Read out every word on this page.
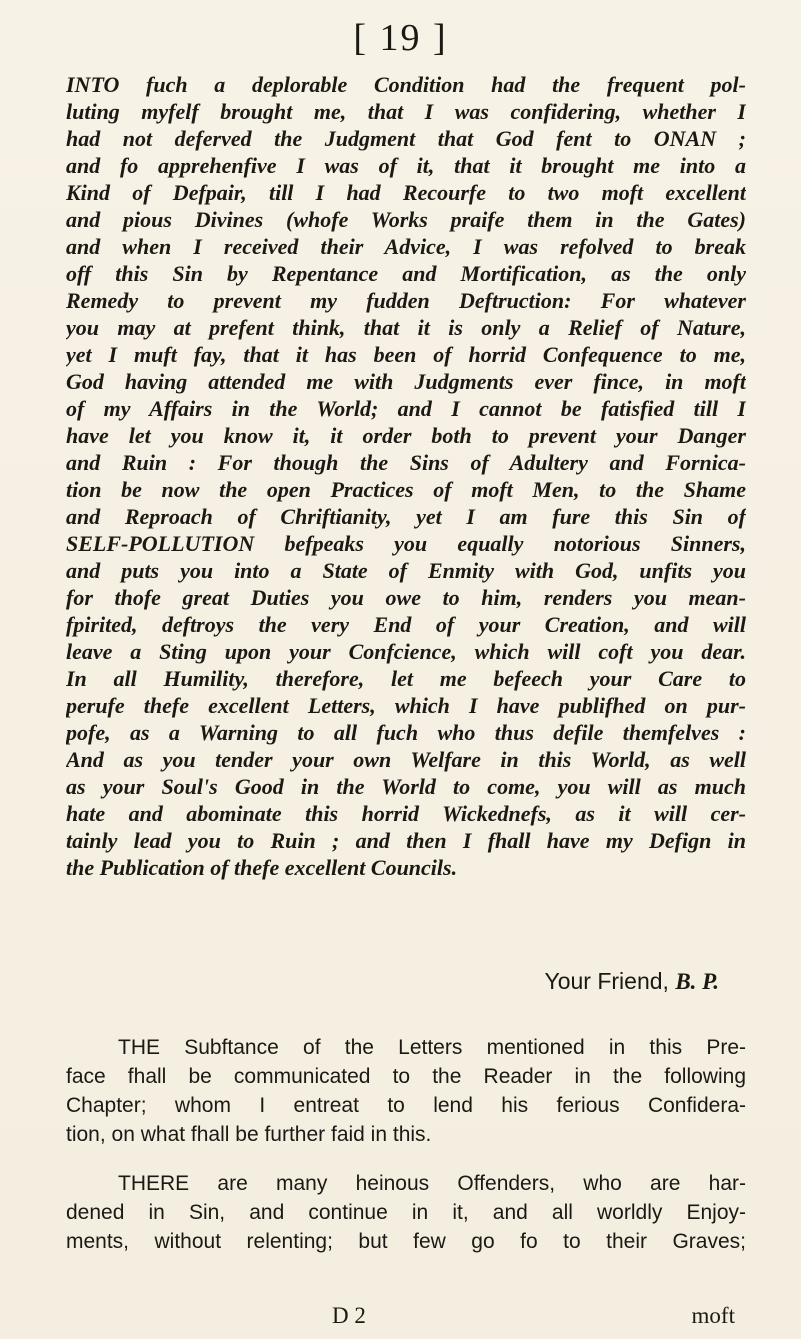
[ 19 ]
INTO fuch a deplorable Condition had the frequent pol-
luting myfelf brought me, that I was confidering, whether I
had not deferved the Judgment that God fent to ONAN ;
and fo apprehenfive I was of it, that it brought me into a
Kind of Defpair, till I had Recourfe to two moft excellent
and pious Divines (whofe Works praife them in the Gates)
and when I received their Advice, I was refolved to break
off this Sin by Repentance and Mortification, as the only
Remedy to prevent my fudden Deftruction: For whatever
you may at prefent think, that it is only a Relief of Nature,
yet I muft fay, that it has been of horrid Confequence to me,
God having attended me with Judgments ever fince, in moft
of my Affairs in the World; and I cannot be fatisfied till I
have let you know it, it order both to prevent your Danger
and Ruin : For though the Sins of Adultery and Fornica-
tion be now the open Practices of moft Men, to the Shame
and Reproach of Chriftianity, yet I am fure this Sin of
SELF-POLLUTION befpeaks you equally notorious Sinners,
and puts you into a State of Enmity with God, unfits you
for thofe great Duties you owe to him, renders you mean-
fpirited, deftroys the very End of your Creation, and will
leave a Sting upon your Confcience, which will coft you dear.
In all Humility, therefore, let me befeech your Care to
perufe thefe excellent Letters, which I have publifhed on pur-
pofe, as a Warning to all fuch who thus defile themfelves :
And as you tender your own Welfare in this World, as well
as your Soul's Good in the World to come, you will as much
hate and abominate this horrid Wickednefs, as it will cer-
tainly lead you to Ruin ; and then I fhall have my Defign in
the Publication of thefe excellent Councils.
Your Friend, B. P.
THE Subftance of the Letters mentioned in this Pre-
face fhall be communicated to the Reader in the following
Chapter; whom I entreat to lend his ferious Confidera-
tion, on what fhall be further faid in this.
THERE are many heinous Offenders, who are har-
dened in Sin, and continue in it, and all worldly Enjoy-
ments, without relenting; but few go fo to their Graves;
D 2	moft
